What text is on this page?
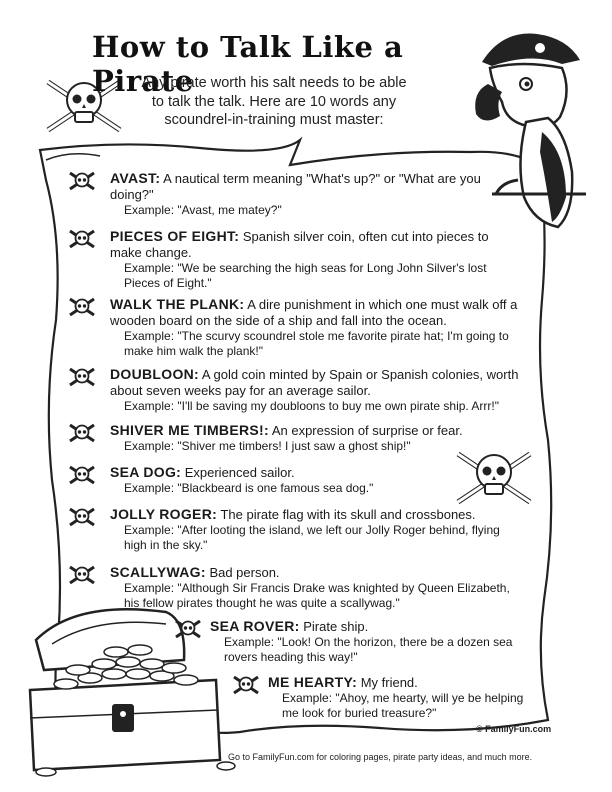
How to Talk Like a Pirate
Any pirate worth his salt needs to be able to talk the talk. Here are 10 words any scoundrel-in-training must master:
AVAST: A nautical term meaning "What's up?" or "What are you doing?"
Example: "Avast, me matey?"
PIECES OF EIGHT: Spanish silver coin, often cut into pieces to make change.
Example: "We be searching the high seas for Long John Silver's lost Pieces of Eight."
WALK THE PLANK: A dire punishment in which one must walk off a wooden board on the side of a ship and fall into the ocean.
Example: "The scurvy scoundrel stole me favorite pirate hat; I'm going to make him walk the plank!"
DOUBLOON: A gold coin minted by Spain or Spanish colonies, worth about seven weeks pay for an average sailor.
Example: "I'll be saving my doubloons to buy me own pirate ship. Arrr!"
SHIVER ME TIMBERS!: An expression of surprise or fear.
Example: "Shiver me timbers! I just saw a ghost ship!"
SEA DOG: Experienced sailor.
Example: "Blackbeard is one famous sea dog."
JOLLY ROGER: The pirate flag with its skull and crossbones.
Example: "After looting the island, we left our Jolly Roger behind, flying high in the sky."
SCALLYWAG: Bad person.
Example: "Although Sir Francis Drake was knighted by Queen Elizabeth, his fellow pirates thought he was quite a scallywag."
SEA ROVER: Pirate ship.
Example: "Look! On the horizon, there be a dozen sea rovers heading this way!"
ME HEARTY: My friend.
Example: "Ahoy, me hearty, will ye be helping me look for buried treasure?"
© FamilyFun.com
Go to FamilyFun.com for coloring pages, pirate party ideas, and much more.
